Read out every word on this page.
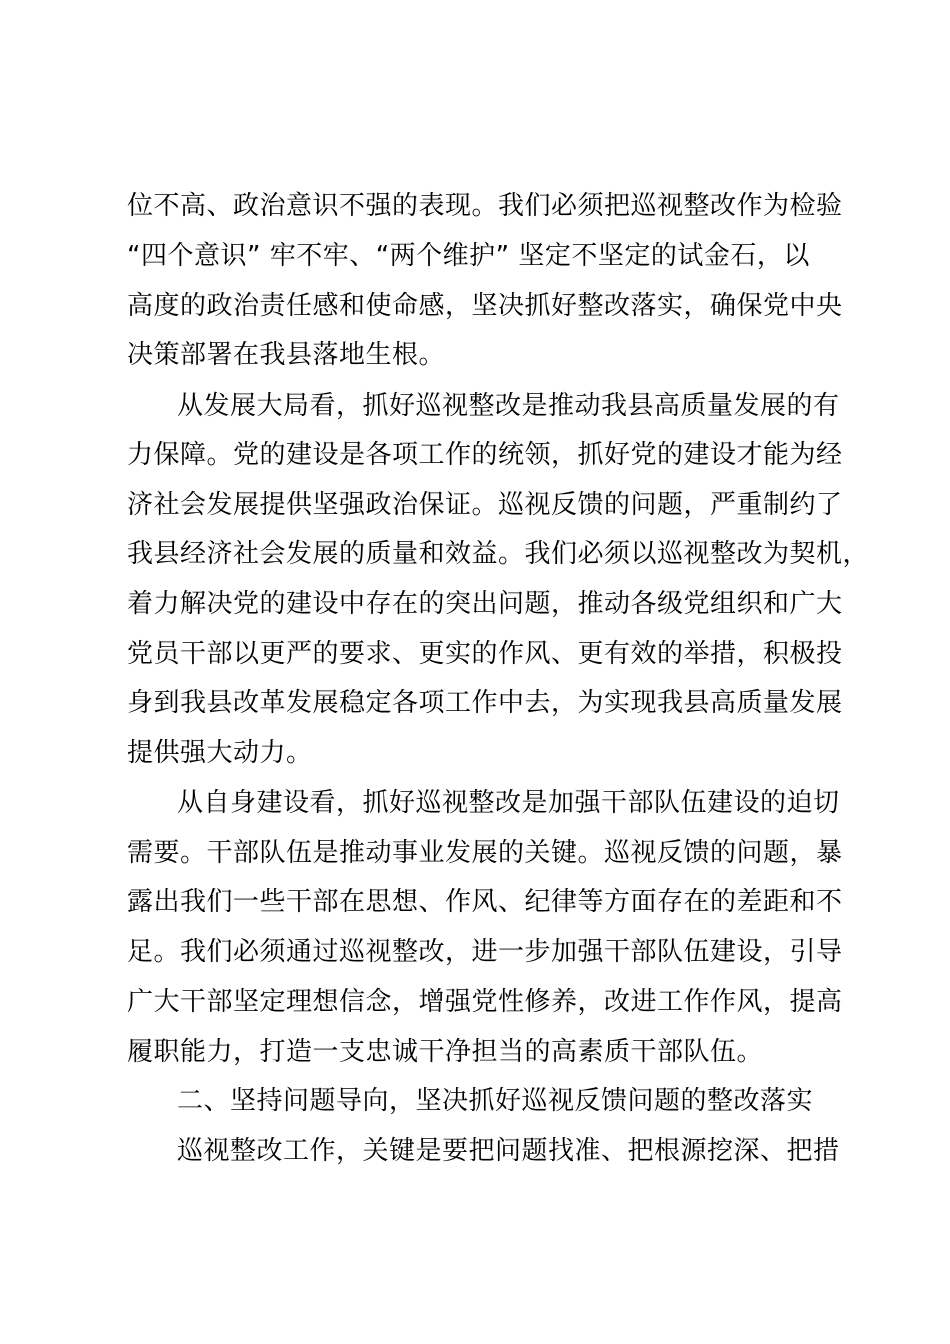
位不高、政治意识不强的表现。我们必须把巡视整改作为检验
“四个意识” 牢不牢、“两个维护” 坚定不坚定的试金石，以
高度的政治责任感和使命感，坚决抓好整改落实，确保党中央
决策部署在我县落地生根。
从发展大局看，抓好巡视整改是推动我县高质量发展的有
力保障。党的建设是各项工作的统领，抓好党的建设才能为经
济社会发展提供坚强政治保证。巡视反馈的问题，严重制约了
我县经济社会发展的质量和效益。我们必须以巡视整改为契机，
着力解决党的建设中存在的突出问题，推动各级党组织和广大
党员干部以更严的要求、更实的作风、更有效的举措，积极投
身到我县改革发展稳定各项工作中去，为实现我县高质量发展
提供强大动力。
从自身建设看，抓好巡视整改是加强干部队伍建设的迫切
需要。干部队伍是推动事业发展的关键。巡视反馈的问题，暴
露出我们一些干部在思想、作风、纪律等方面存在的差距和不
足。我们必须通过巡视整改，进一步加强干部队伍建设，引导
广大干部坚定理想信念，增强党性修养，改进工作作风，提高
履职能力，打造一支忠诚干净担当的高素质干部队伍。
二、坚持问题导向，坚决抓好巡视反馈问题的整改落实
巡视整改工作，关键是要把问题找准、把根源挖深、把措
